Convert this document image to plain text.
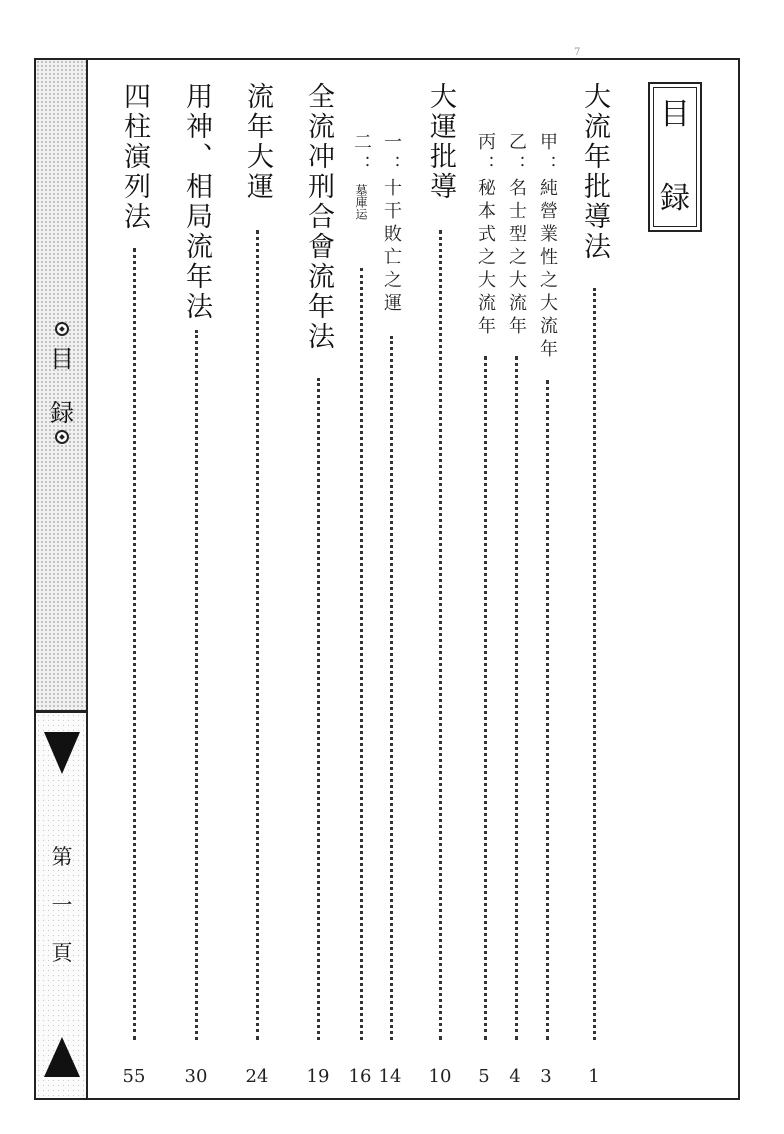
7
目
録
第
一
頁
目
録
大流年批導法
1
甲：純營業性之大流年
3
乙：名士型之大流年
4
丙：秘本式之大流年
5
大運批導
10
一：十干敗亡之運
14
二：
墓庫运
16
全流冲刑合會流年法
19
流年大運
24
用神、相局流年法
30
四柱演列法
55
